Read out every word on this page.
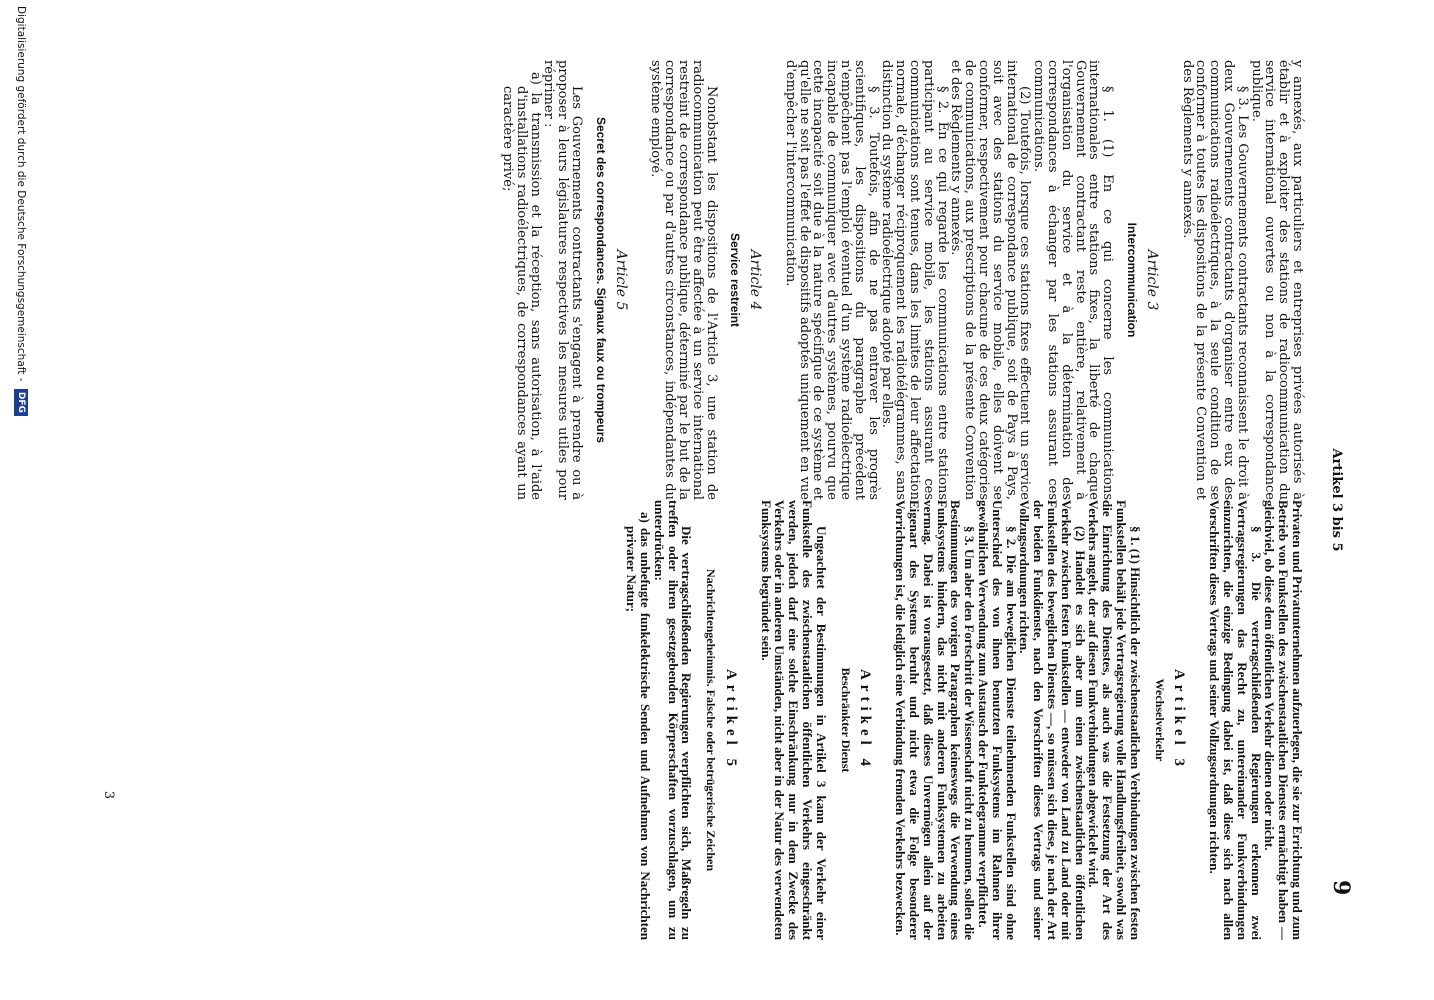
Artikel 3 bis 5
9

y annexés, aux particuliers et entreprises privées autorisés à établir et à exploiter des stations de radiocommunication du service international ouvertes ou non à la correspondance publique.

§ 3. Les Gouvernements contractants reconnaissent le droit à deux Gouvernements contractants d'organiser entre eux des communications radioélectriques, à la seule condition de se conformer à toutes les dispositions de la présente Convention et des Règlements y annexés.

Article 3
Intercommunication

§ 1. (1) En ce qui concerne les communications internationales entre stations fixes, la liberté de chaque Gouvernement contractant reste entière, relativement à l'organisation du service et à la détermination des correspondances à échanger par les stations assurant ces communications.

(2) Toutefois, lorsque ces stations fixes effectuent un service international de correspondance publique, soit de Pays à Pays, soit avec des stations du service mobile, elles doivent se conformer, respectivement pour chacune de ces deux catégories de communications, aux prescriptions de la présente Convention et des Règlements y annexés.

§ 2. En ce qui regarde les communications entre stations participant au service mobile, les stations assurant ces communications sont tenues, dans les limites de leur affectation normale, d'échanger réciproquement les radiotélégrammes, sans distinction du système radioélectrique adopté par elles.

§ 3. Toutefois, afin de ne pas entraver les progrès scientifiques, les dispositions du paragraphe précédent n'empêchent pas l'emploi éventuel d'un système radioélectrique incapable de communiquer avec d'autres systèmes, pourvu que cette incapacité soit due à la nature spécifique de ce système et qu'elle ne soit pas l'effet de dispositifs adoptés uniquement en vue d'empêcher l'intercommunication.

Article 4
Service restreint

Nonobstant les dispositions de l'Article 3, une station de radiocommunication peut être affectée à un service international restreint de correspondance publique, déterminé par le but de la correspondance ou par d'autres circonstances, indépendantes du système employé.

Article 5
Secret des correspondances. Signaux faux ou trompeurs

Les Gouvernements contractants s'engagent à prendre ou à proposer à leurs législatures respectives les mesures utiles pour réprimer :

a) la transmission et la réception, sans autorisation, à l'aide d'installations radioélectriques, de correspondances ayant un caractère privé;

Privaten und Privatunternehmen aufzuerlegen, die sie zur Errichtung und zum Betrieb von Funkstellen des zwischenstaatlichen Dienstes ermächtigt haben — gleichviel, ob diese dem öffentlichen Verkehr dienen oder nicht.

§ 3. Die vertragschließenden Regierungen erkennen zwei Vertragsregierungen das Recht zu, untereinander Funkverbindungen einzurichten, die einzige Bedingung dabei ist, daß diese sich nach allen Vorschriften dieses Vertrags und seiner Vollzugsordnungen richten.

Artikel 3
Wechselverkehr

§ 1. (1) Hinsichtlich der zwischenstaatlichen Verbindungen zwischen festen Funkstellen behält jede Vertragsregierung volle Handlungsfreiheit, sowohl was die Einrichtung des Dienstes, als auch was die Festsetzung der Art des Verkehrs angeht, der auf diesen Funkverbindungen abgewickelt wird.

(2) Handelt es sich aber um einen zwischenstaatlichen öffentlichen Verkehr zwischen festen Funkstellen — entweder von Land zu Land oder mit Funkstellen des beweglichen Dienstes —, so müssen sich diese, je nach der Art der beiden Funkdienste, nach den Vorschriften dieses Vertrags und seiner Vollzugsordnungen richten.

§ 2. Die am beweglichen Dienste teilnehmenden Funkstellen sind ohne Unterschied des von ihnen benutzten Funksystems im Rahmen ihrer gewöhnlichen Verwendung zum Austausch der Funktelegramme verpflichtet.

§ 3. Um aber den Fortschritt der Wissenschaft nicht zu hemmen, sollen die Bestimmungen des vorigen Paragraphen keineswegs die Verwendung eines Funksystems hindern, das nicht mit anderen Funksystemen zu arbeiten vermag. Dabei ist vorausgesetzt, daß dieses Unvermögen allein auf der Eigenart des Systems beruht und nicht etwa die Folge besonderer Vorrichtungen ist, die lediglich eine Verbindung fremden Verkehrs bezwecken.

Artikel 4
Beschränkter Dienst

Ungeachtet der Bestimmungen in Artikel 3 kann der Verkehr einer Funkstelle des zwischenstaatlichen öffentlichen Verkehrs eingeschränkt werden, jedoch darf eine solche Einschränkung nur in dem Zwecke des Verkehrs oder in anderen Umständen, nicht aber in der Natur des verwendeten Funksystems begründet sein.

Artikel 5
Nachrichtengeheimnis. Falsche oder betrügerische Zeichen

Die vertragschließenden Regierungen verpflichten sich, Maßregeln zu treffen oder ihren gesetzgebenden Körperschaften vorzuschlagen, um zu unterdrücken:

a) das unbefugte funkelektrische Senden und Aufnehmen von Nachrichten privater Natur;

3
Digitalisierung gefördert durch die Deutsche Forschungsgemeinschaft - DFG
